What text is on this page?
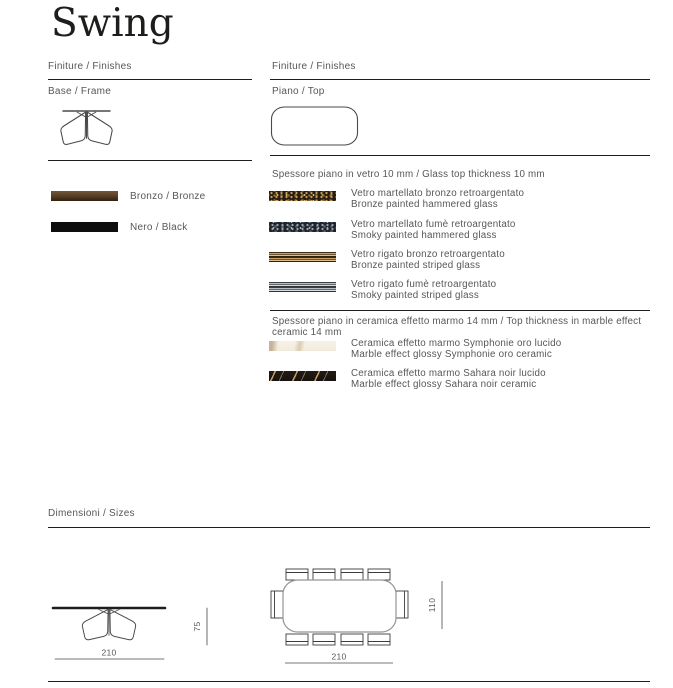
Swing
Finiture / Finishes
Base / Frame
Bronzo / Bronze
Nero / Black
Finiture / Finishes
Piano / Top
Spessore piano in vetro 10 mm / Glass top thickness 10 mm
Vetro martellato bronzo retroargentato
Bronze painted hammered glass
Vetro martellato fumè retroargentato
Smoky painted hammered glass
Vetro rigato bronzo retroargentato
Bronze painted striped glass
Vetro rigato fumè retroargentato
Smoky painted striped glass
Spessore piano in ceramica effetto marmo 14 mm / Top thickness in marble effect ceramic 14 mm
Ceramica effetto marmo Symphonie oro lucido
Marble effect glossy Symphonie oro ceramic
Ceramica effetto marmo Sahara noir lucido
Marble effect glossy Sahara noir ceramic
Dimensioni / Sizes
210
75
210
110
